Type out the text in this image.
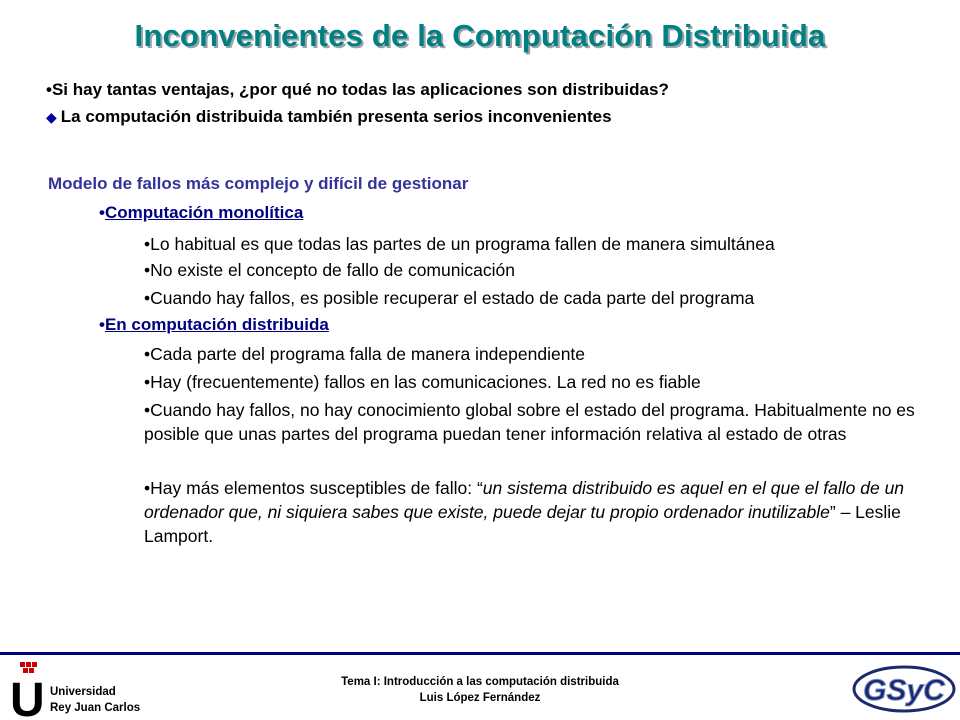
Inconvenientes de la Computación Distribuida
•Si hay tantas ventajas, ¿por qué no todas las aplicaciones son distribuidas?
◆ La computación distribuida también presenta serios inconvenientes
Modelo de fallos más complejo y difícil de gestionar
•Computación monolítica
•Lo habitual es que todas las partes de un programa fallen de manera simultánea
•No existe el concepto de fallo de comunicación
•Cuando hay fallos, es posible recuperar el estado de cada parte del programa
•En computación distribuida
•Cada parte del programa falla de manera independiente
•Hay (frecuentemente) fallos en las comunicaciones. La red no es fiable
•Cuando hay fallos, no hay conocimiento global sobre el estado del programa. Habitualmente no es posible que unas partes del programa puedan tener información relativa al estado de otras
•Hay más elementos susceptibles de fallo: “un sistema distribuido es aquel en el que el fallo de un ordenador que, ni siquiera sabes que existe, puede dejar tu propio ordenador inutilizable” – Leslie Lamport.
U Universidad
Rey Juan Carlos
Tema I: Introducción a las computación distribuida
Luis López Fernández	GSyC
